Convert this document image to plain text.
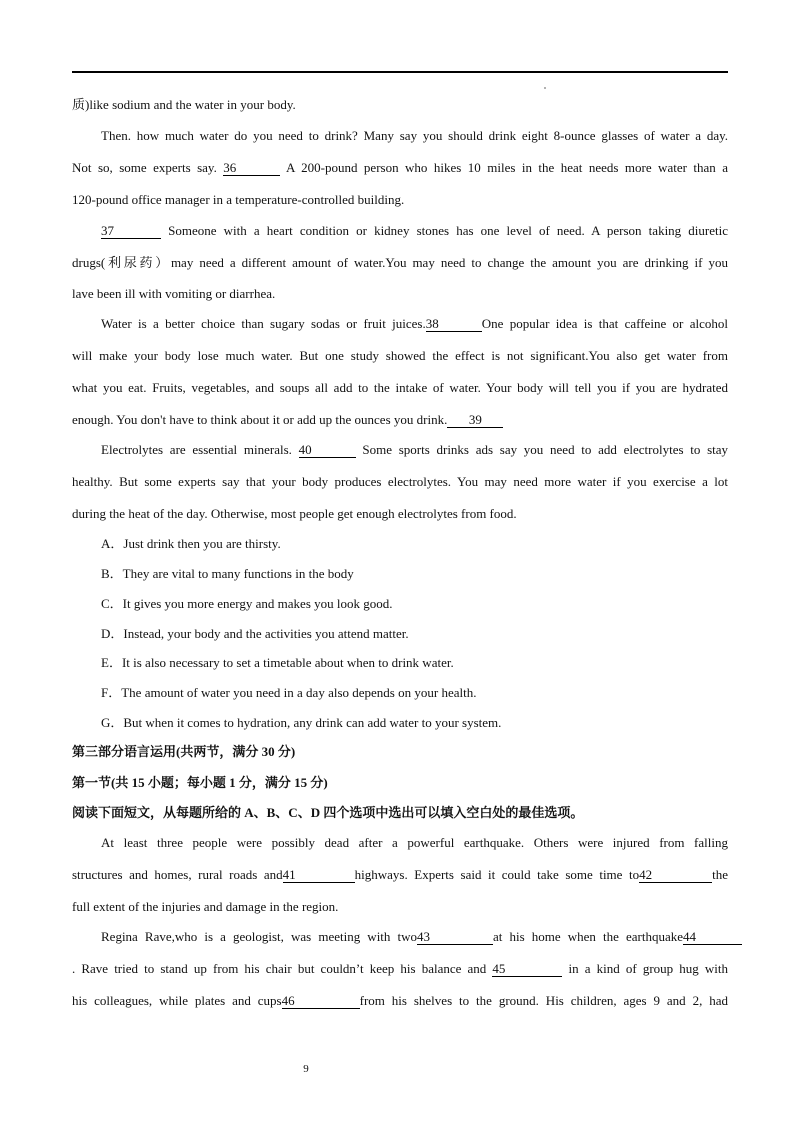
质)like sodium and the water in your body.
Then. how much water do you need to drink? Many say you should drink eight 8-ounce glasses of water a day.
Not so, some experts say. 36	A 200-pound person who hikes 10 miles in the heat needs more water than a
120-pound office manager in a temperature-controlled building.
37	Someone with a heart condition or kidney stones has one level of need. A person taking diuretic
drugs(利尿药）may need a different amount of water.You may need to change the amount you are drinking if you
lave been ill with vomiting or diarrhea.
Water is a better choice than sugary sodas or fruit juices.38	One popular idea is that caffeine or alcohol
will make your body lose much water. But one study showed the effect is not significant.You also get water from
what you eat. Fruits, vegetables, and soups all add to the intake of water. Your body will tell you if you are hydrated
enough. You don't have to think about it or add up the ounces you drink. 39
Electrolytes are essential minerals. 40	Some sports drinks ads say you need to add electrolytes to stay
healthy. But some experts say that your body produces electrolytes. You may need more water if you exercise a lot
during the heat of the day. Otherwise, most people get enough electrolytes from food.
A．Just drink then you are thirsty.
B．They are vital to many functions in the body
C．It gives you more energy and makes you look good.
D．Instead, your body and the activities you attend matter.
E．It is also necessary to set a timetable about when to drink water.
F．The amount of water you need in a day also depends on your health.
G．But when it comes to hydration, any drink can add water to your system.
第三部分语言运用(共两节，满分 30 分)
第一节(共 15 小题；每小题 1 分，满分 15 分)
阅读下面短文，从每题所给的 A、B、C、D 四个选项中选出可以填入空白处的最佳选项。
At least three people were possibly dead after a powerful earthquake. Others were injured from falling
structures and homes, rural roads and41	highways. Experts said it could take some time to42	the
full extent of the injuries and damage in the region.
Regina Rave,who is a geologist, was meeting with two43	at his home when the earthquake44
. Rave tried to stand up from his chair but couldn’t keep his balance and 45	in a kind of group hug with
his colleagues, while plates and cups46	from his shelves to the ground. His children, ages 9 and 2, had
9
